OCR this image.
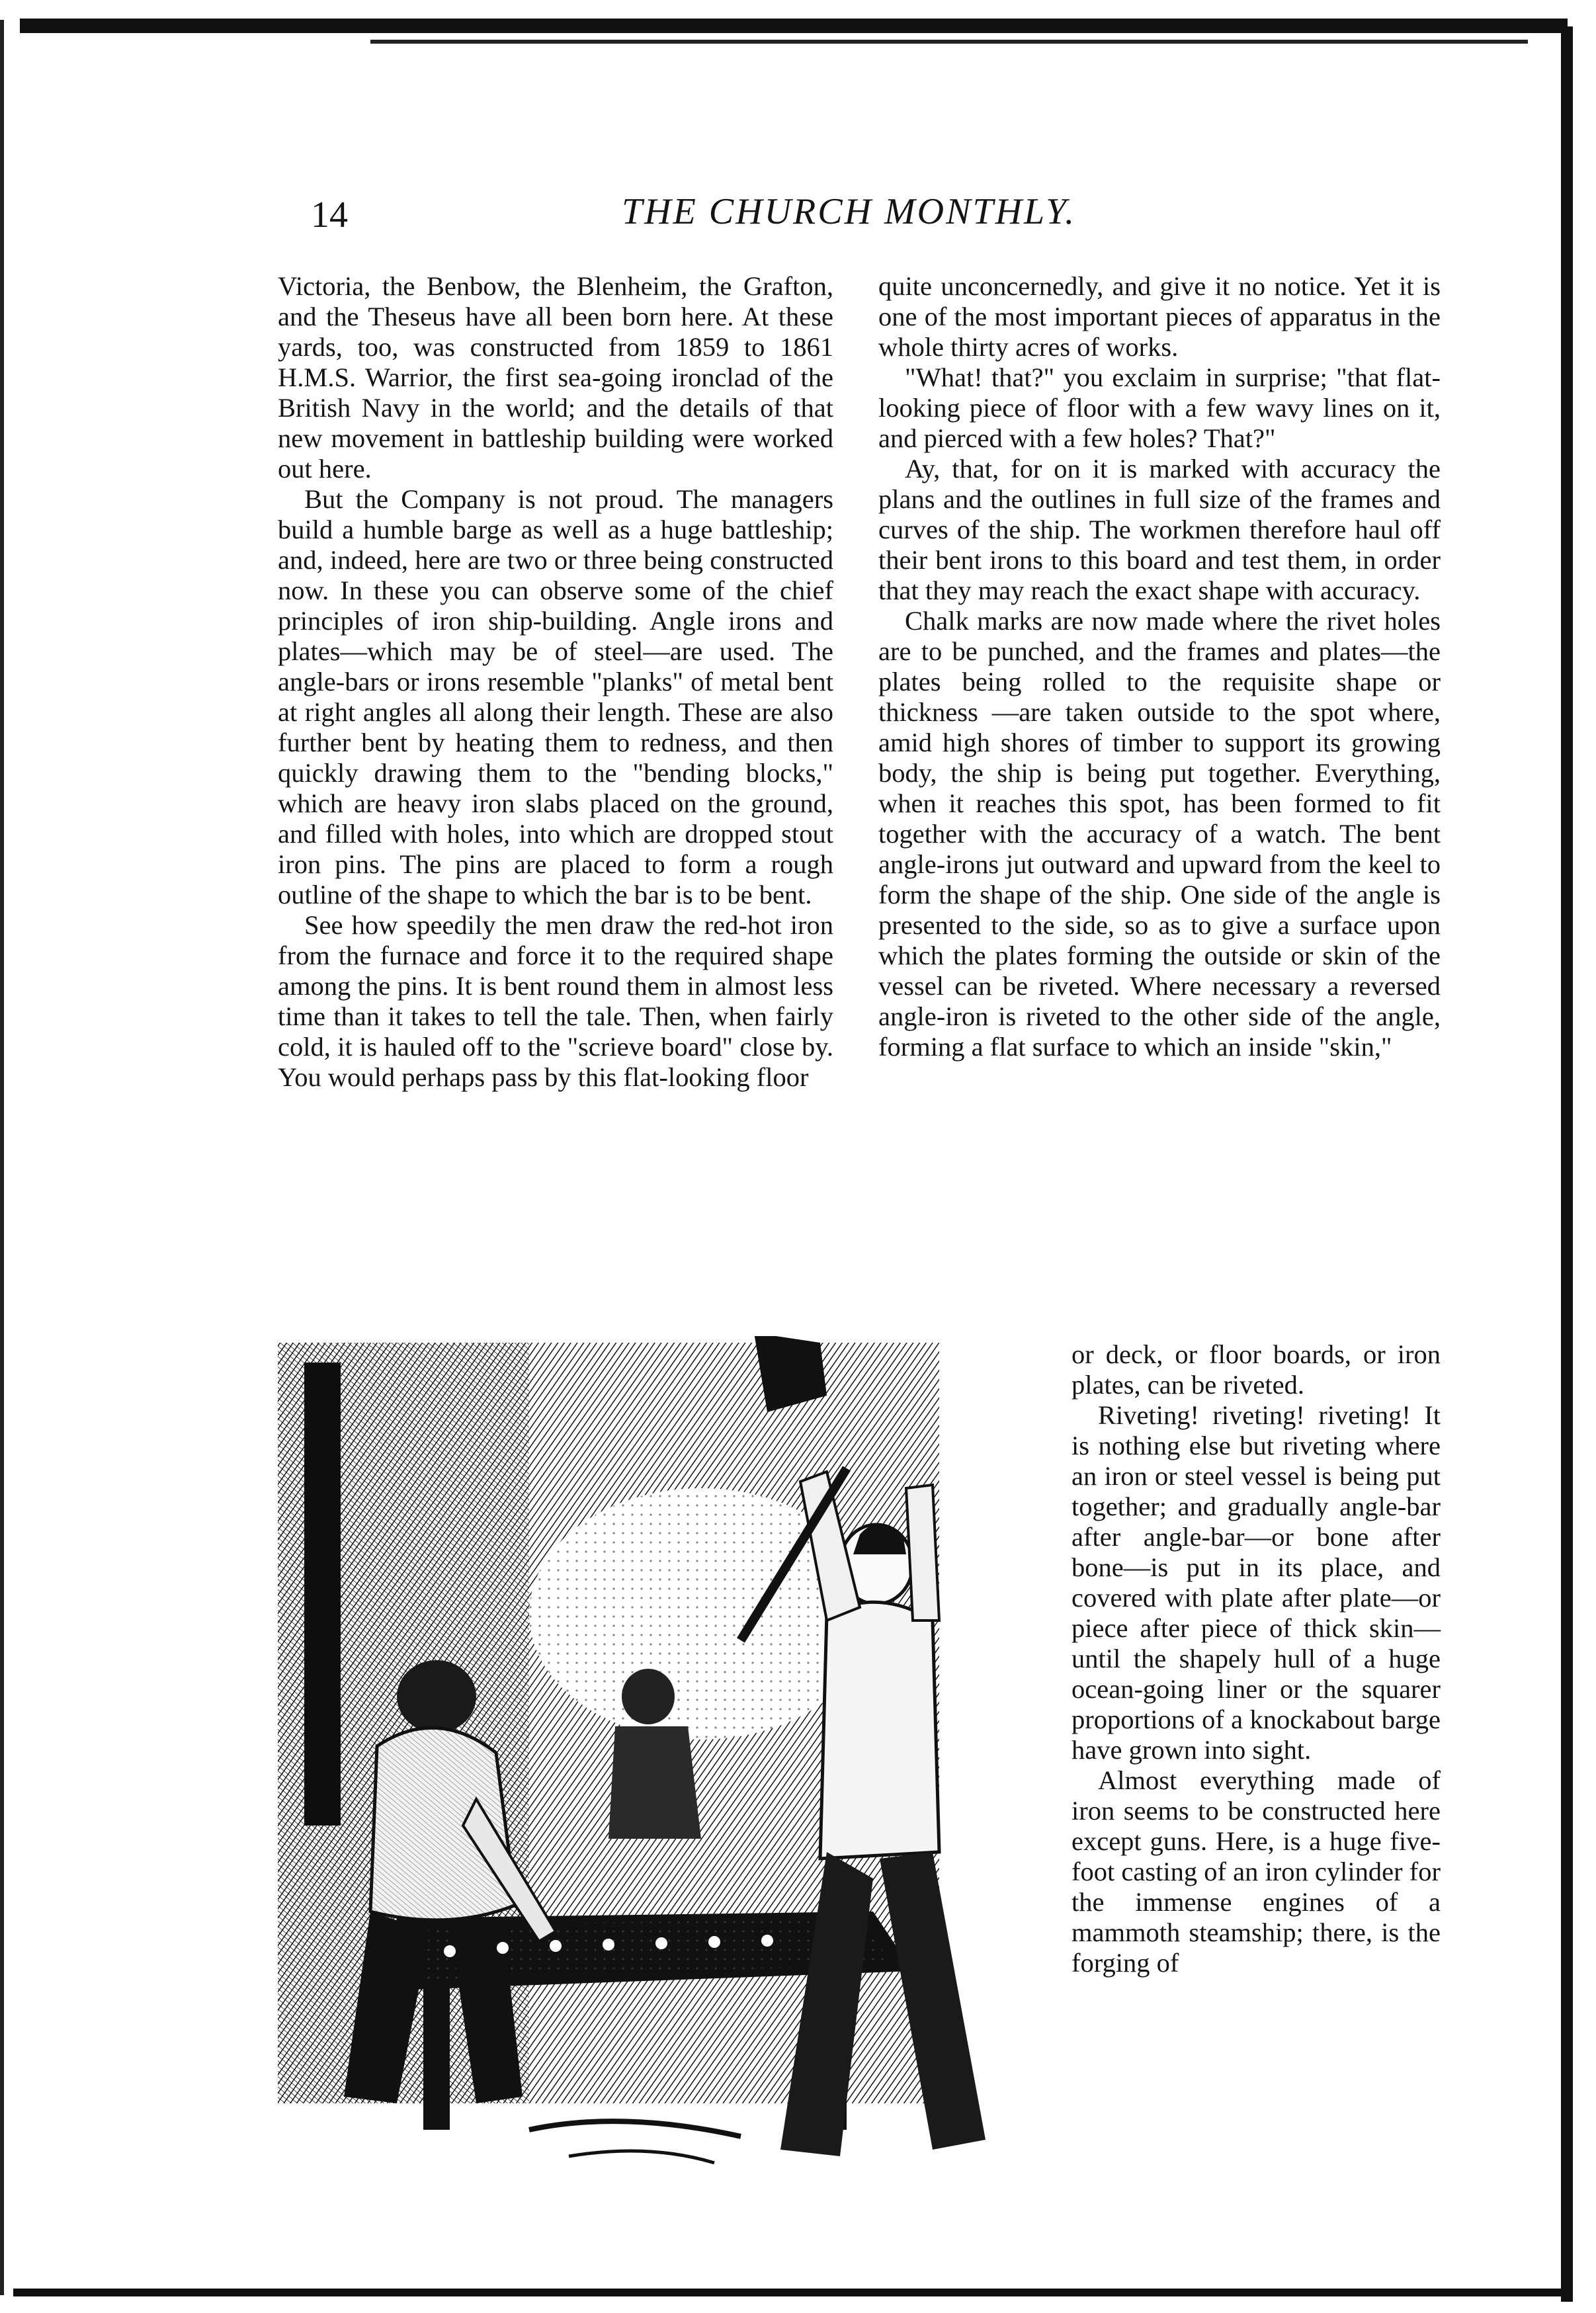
14	THE CHURCH MONTHLY.

Victoria, the Benbow, the Blenheim, the Grafton, and the Theseus have all been born here. At these yards, too, was constructed from 1859 to 1861 H.M.S. Warrior, the first sea-going ironclad of the British Navy in the world; and the details of that new movement in battleship building were worked out here.

But the Company is not proud. The managers build a humble barge as well as a huge battleship; and, indeed, here are two or three being constructed now. In these you can observe some of the chief principles of iron ship-building. Angle irons and plates—which may be of steel—are used. The angle-bars or irons resemble "planks" of metal bent at right angles all along their length. These are also further bent by heating them to redness, and then quickly drawing them to the "bending blocks," which are heavy iron slabs placed on the ground, and filled with holes, into which are dropped stout iron pins. The pins are placed to form a rough outline of the shape to which the bar is to be bent.

See how speedily the men draw the red-hot iron from the furnace and force it to the required shape among the pins. It is bent round them in almost less time than it takes to tell the tale. Then, when fairly cold, it is hauled off to the "scrieve board" close by. You would perhaps pass by this flat-looking floor

quite unconcernedly, and give it no notice. Yet it is one of the most important pieces of apparatus in the whole thirty acres of works.

"What! that?" you exclaim in surprise; "that flat-looking piece of floor with a few wavy lines on it, and pierced with a few holes? That?"

Ay, that, for on it is marked with accuracy the plans and the outlines in full size of the frames and curves of the ship. The workmen therefore haul off their bent irons to this board and test them, in order that they may reach the exact shape with accuracy.

Chalk marks are now made where the rivet holes are to be punched, and the frames and plates—the plates being rolled to the requisite shape or thickness —are taken outside to the spot where, amid high shores of timber to support its growing body, the ship is being put together. Everything, when it reaches this spot, has been formed to fit together with the accuracy of a watch. The bent angle-irons jut outward and upward from the keel to form the shape of the ship. One side of the angle is presented to the side, so as to give a surface upon which the plates forming the outside or skin of the vessel can be riveted. Where necessary a reversed angle-iron is riveted to the other side of the angle, forming a flat surface to which an inside "skin,"

or deck, or floor boards, or iron plates, can be riveted.

Riveting! riveting! riveting! It is nothing else but riveting where an iron or steel vessel is being put together; and gradually angle-bar after angle-bar—or bone after bone—is put in its place, and covered with plate after plate—or piece after piece of thick skin—until the shapely hull of a huge ocean-going liner or the squarer proportions of a knockabout barge have grown into sight.

Almost everything made of iron seems to be constructed here except guns. Here, is a huge five-foot casting of an iron cylinder for the immense engines of a mammoth steamship; there, is the forging of
